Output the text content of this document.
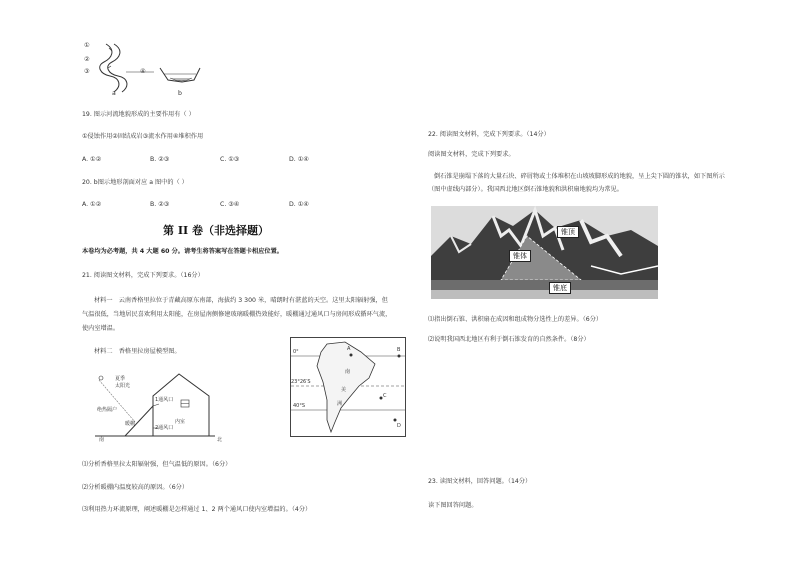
①
②
③	④
a	b
19. 图示河流地貌形成的主要作用有（ ）
①侵蚀作用②固结成岩③流水作用④堆积作用
A. ①②	B. ②③	C. ①③	D. ①④
20. b图示地形剖面对应 a 图中的（ ）
A. ①②	B. ②③	C. ③④	D. ①④
第 II 卷（非选择题）
本卷均为必考题，共 4 大题 60 分。请考生将答案写在答题卡相应位置。
21. 阅读图文材料，完成下列要求。（16分）
材料一　云南香格里拉位于青藏高原东南部，海拔约 3 300 米，晴朗时有湛蓝的天空。这里太阳辐射强，但气温很低，当地居民喜欢利用太阳能，在房屋南侧修建玻璃暖棚热效能好，暖棚通过通风口与房间形成循环气流，使内室增温。
材料二　香格里拉房屋模型图。
夏季
太阳光
绝热隔户
1通风口
2通风口
暖棚	内室
南	北
0°
23°26′S
40°S
A	B
C
D
南
美
洲
⑴分析香格里拉太阳辐射强，但气温低的原因。（6分）
⑵分析暖棚内温度较高的原因。（6分）
⑶利用热力环流原理，阐述暖棚是怎样通过 1、2 两个通风口使内室增温的。（4分）
22. 阅读图文材料，完成下列要求。（14分）
阅读图文材料，完成下列要求。
倒石锥是崩塌下落的大量石块、碎屑物或土体堆积在山坡坡脚形成的地貌，呈上尖下圆的锥状，如下图所示（图中虚线内部分）。我国西北地区倒石锥地貌和洪积扇地貌均为常见。
锥顶
锥体
锥底
⑴指出倒石锥、洪积扇在成因和组成物分选性上的差异。（6分）
⑵说明我国西北地区有利于倒石锥发育的自然条件。（8分）
23. 读图文材料，回答问题。（14分）
读下图回答问题。
